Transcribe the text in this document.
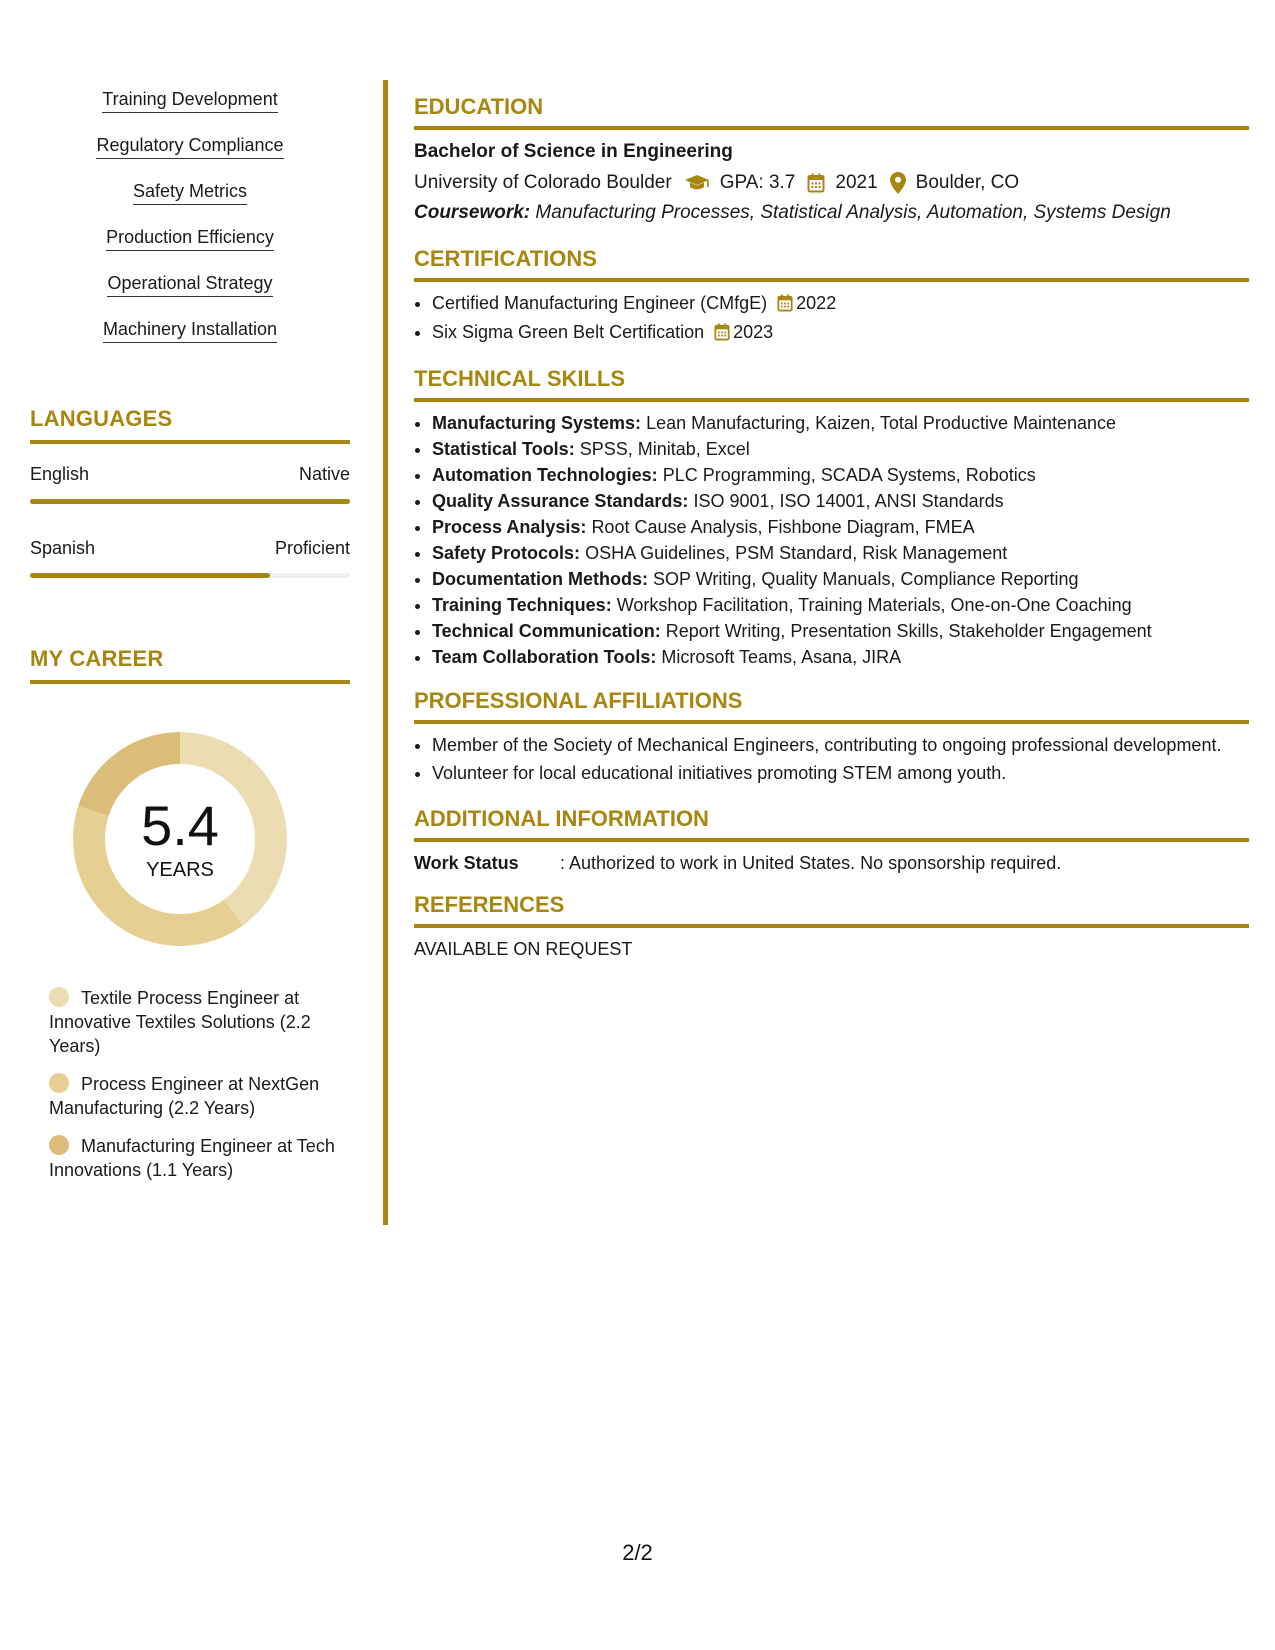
Training Development
Regulatory Compliance
Safety Metrics
Production Efficiency
Operational Strategy
Machinery Installation
LANGUAGES
English	Native
Spanish	Proficient
MY CAREER
5.4
YEARS
Textile Process Engineer at Innovative Textiles Solutions (2.2 Years)
Process Engineer at NextGen Manufacturing (2.2 Years)
Manufacturing Engineer at Tech Innovations (1.1 Years)
EDUCATION
Bachelor of Science in Engineering
University of Colorado Boulder	GPA: 3.7 2021 Boulder, CO
Coursework: Manufacturing Processes, Statistical Analysis, Automation, Systems Design
CERTIFICATIONS
• Certified Manufacturing Engineer (CMfgE) 2022
• Six Sigma Green Belt Certification 2023
TECHNICAL SKILLS
• Manufacturing Systems: Lean Manufacturing, Kaizen, Total Productive Maintenance
• Statistical Tools: SPSS, Minitab, Excel
• Automation Technologies: PLC Programming, SCADA Systems, Robotics
• Quality Assurance Standards: ISO 9001, ISO 14001, ANSI Standards
• Process Analysis: Root Cause Analysis, Fishbone Diagram, FMEA
• Safety Protocols: OSHA Guidelines, PSM Standard, Risk Management
• Documentation Methods: SOP Writing, Quality Manuals, Compliance Reporting
• Training Techniques: Workshop Facilitation, Training Materials, One-on-One Coaching
• Technical Communication: Report Writing, Presentation Skills, Stakeholder Engagement
• Team Collaboration Tools: Microsoft Teams, Asana, JIRA
PROFESSIONAL AFFILIATIONS
• Member of the Society of Mechanical Engineers, contributing to ongoing professional development.
• Volunteer for local educational initiatives promoting STEM among youth.
ADDITIONAL INFORMATION
Work Status : Authorized to work in United States. No sponsorship required.
REFERENCES
AVAILABLE ON REQUEST
2/2
